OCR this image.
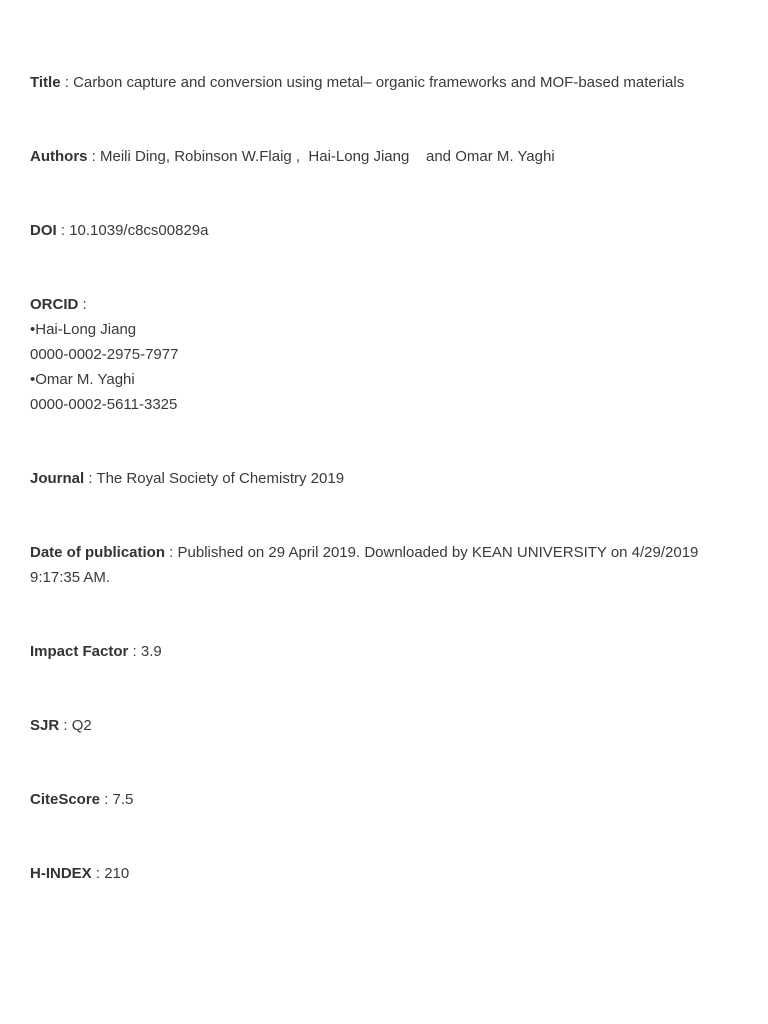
Title : Carbon capture and conversion using metal– organic frameworks and MOF-based materials

Authors : Meili Ding, Robinson W.Flaig ,  Hai-Long Jiang    and Omar M. Yaghi

DOI : 10.1039/c8cs00829a

ORCID :
•Hai-Long Jiang
0000-0002-2975-7977
•Omar M. Yaghi
0000-0002-5611-3325

Journal : The Royal Society of Chemistry 2019

Date of publication : Published on 29 April 2019. Downloaded by KEAN UNIVERSITY on 4/29/2019 9:17:35 AM.

Impact Factor : 3.9

SJR : Q2

CiteScore : 7.5

H-INDEX : 210
